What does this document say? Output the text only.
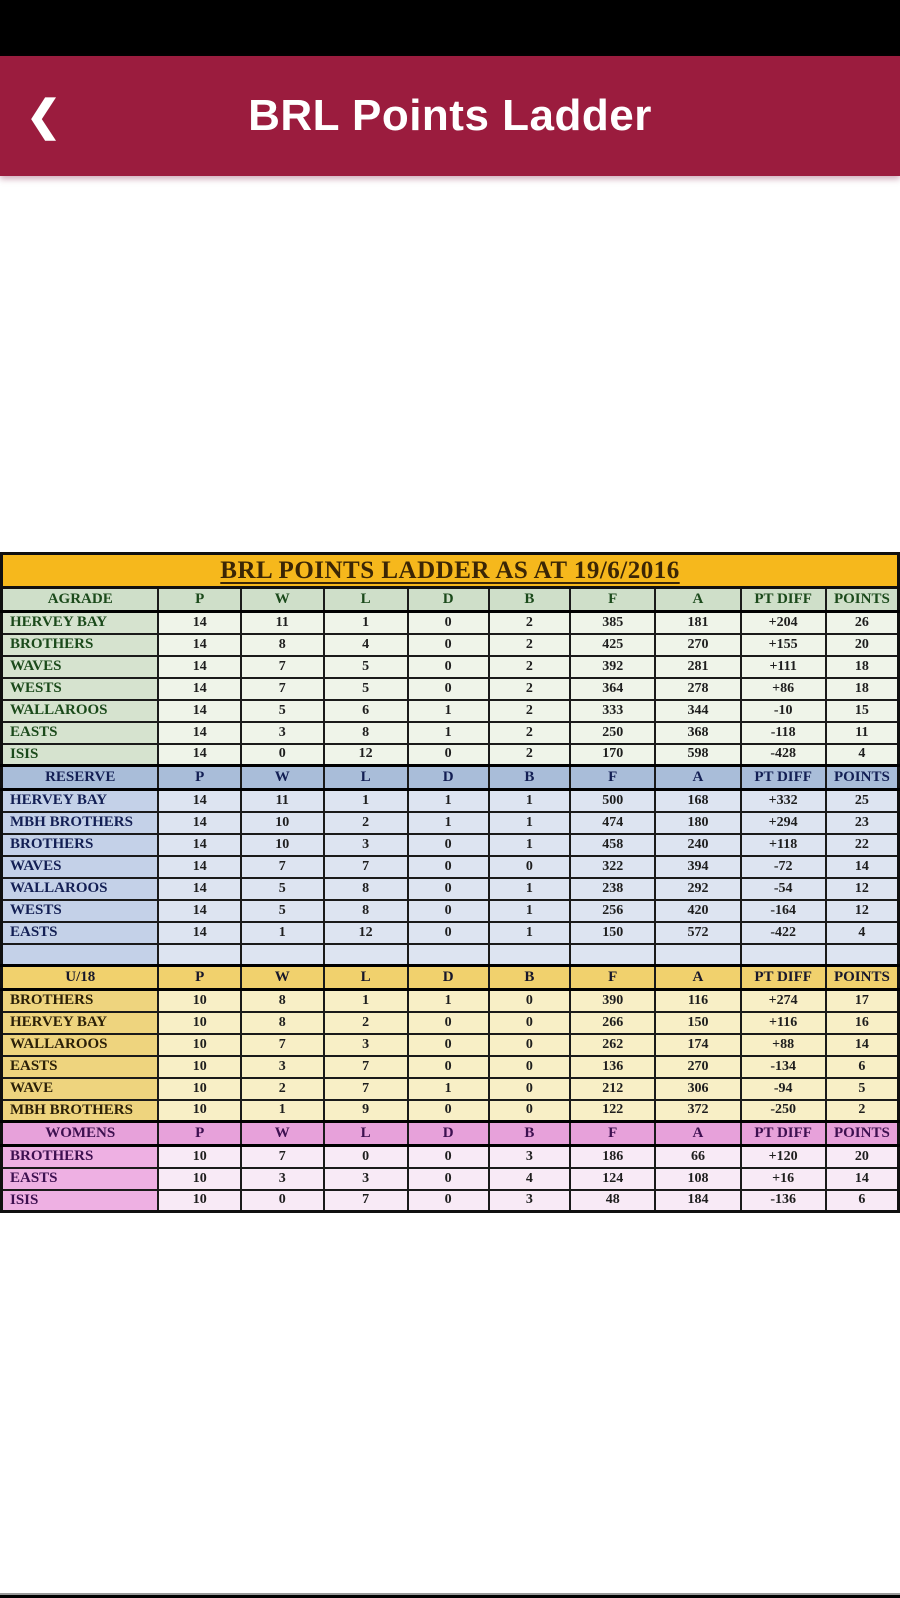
❮	BRL Points Ladder
BRL POINTS LADDER AS AT 19/6/2016									
AGRADE	P	W	L	D	B	F	A	PT DIFF	POINTS
HERVEY BAY	14	11	1	0	2	385	181	+204	26
BROTHERS	14	8	4	0	2	425	270	+155	20
WAVES	14	7	5	0	2	392	281	+111	18
WESTS	14	7	5	0	2	364	278	+86	18
WALLAROOS	14	5	6	1	2	333	344	-10	15
EASTS	14	3	8	1	2	250	368	-118	11
ISIS	14	0	12	0	2	170	598	-428	4
RESERVE	P	W	L	D	B	F	A	PT DIFF	POINTS
HERVEY BAY	14	11	1	1	1	500	168	+332	25
MBH BROTHERS	14	10	2	1	1	474	180	+294	23
BROTHERS	14	10	3	0	1	458	240	+118	22
WAVES	14	7	7	0	0	322	394	-72	14
WALLAROOS	14	5	8	0	1	238	292	-54	12
WESTS	14	5	8	0	1	256	420	-164	12
EASTS	14	1	12	0	1	150	572	-422	4

U/18	P	W	L	D	B	F	A	PT DIFF	POINTS
BROTHERS	10	8	1	1	0	390	116	+274	17
HERVEY BAY	10	8	2	0	0	266	150	+116	16
WALLAROOS	10	7	3	0	0	262	174	+88	14
EASTS	10	3	7	0	0	136	270	-134	6
WAVE	10	2	7	1	0	212	306	-94	5
MBH BROTHERS	10	1	9	0	0	122	372	-250	2
WOMENS	P	W	L	D	B	F	A	PT DIFF	POINTS
BROTHERS	10	7	0	0	3	186	66	+120	20
EASTS	10	3	3	0	4	124	108	+16	14
ISIS	10	0	7	0	3	48	184	-136	6
